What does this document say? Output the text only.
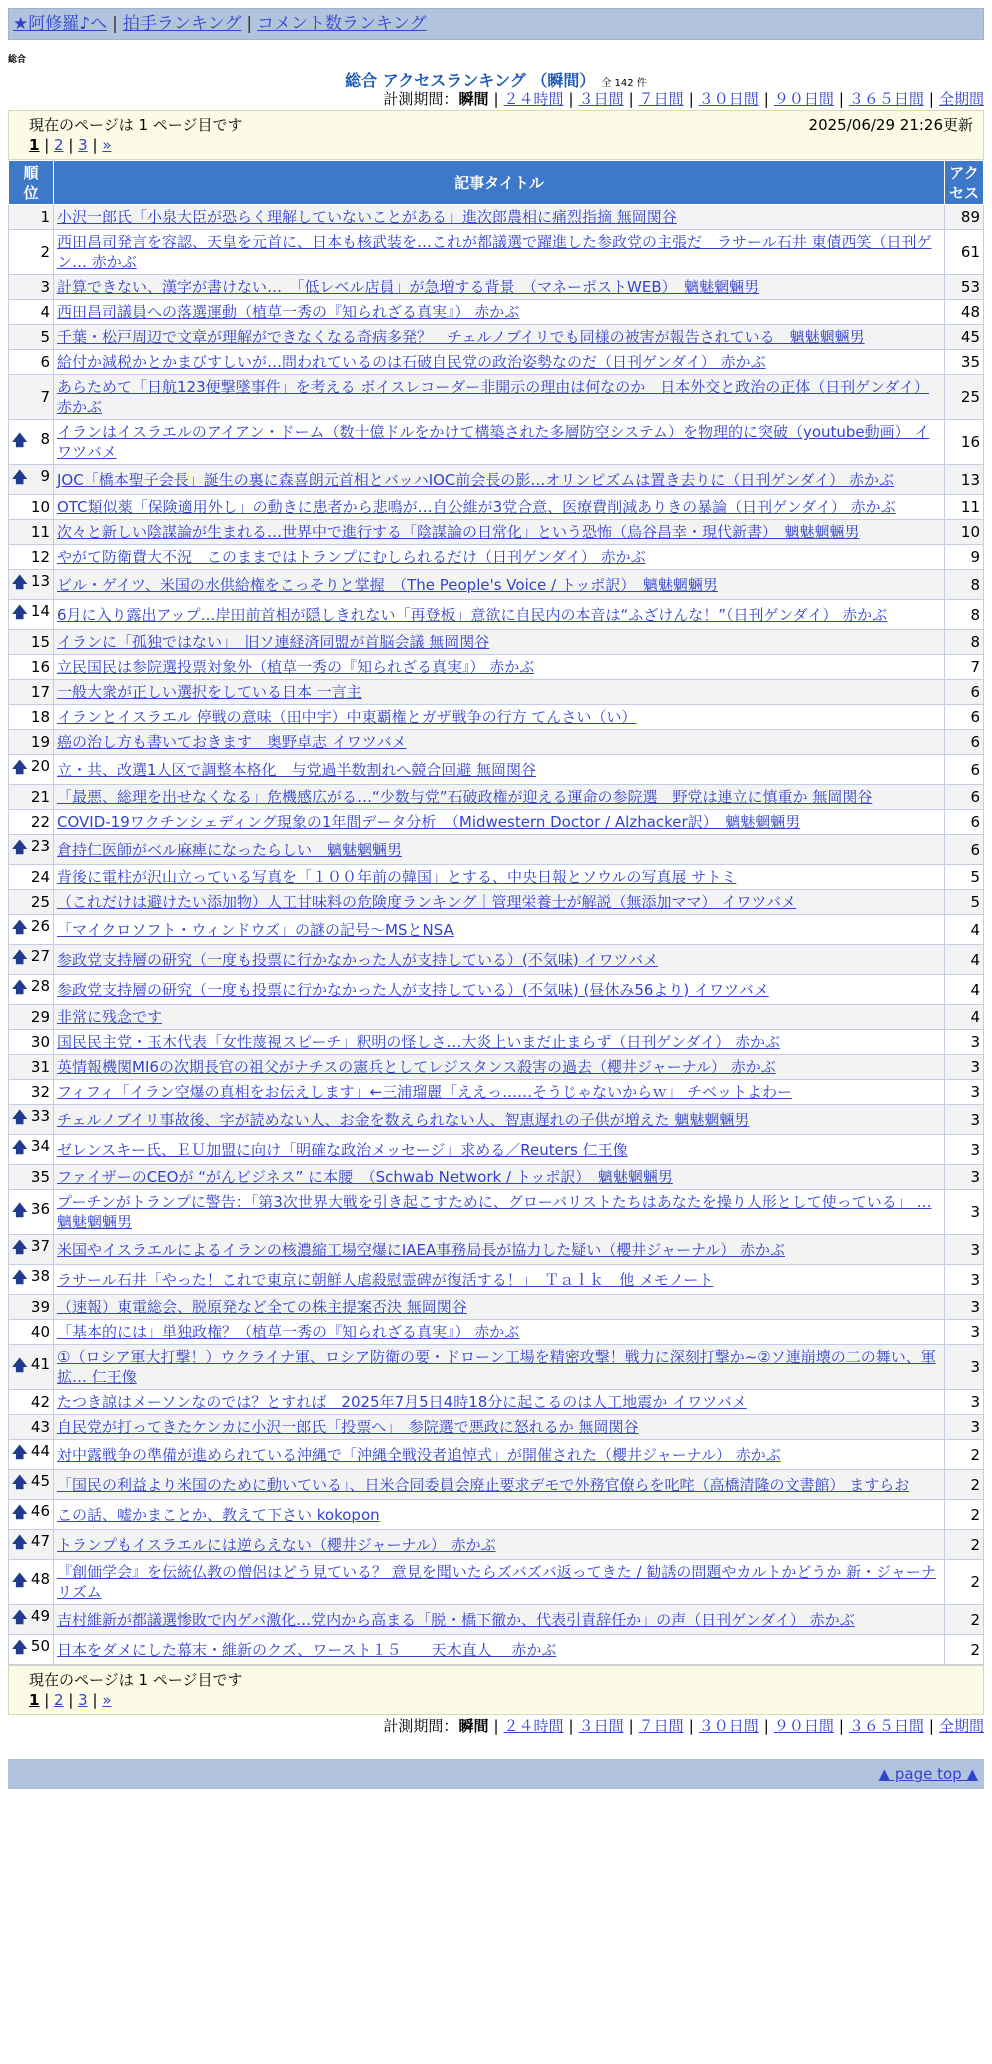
★阿修羅♪へ | 拍手ランキング | コメント数ランキング
総合
総合 アクセスランキング （瞬間） 全 142 件
計測期間：瞬間 | ２４時間 | ３日間 | ７日間 | ３０日間 | ９０日間 | ３６５日間 | 全期間
現在のページは 1 ページ目です	2025/06/29 21:26更新
1 | 2 | 3 | »
順位	記事タイトル	アクセス
1	小沢一郎氏「小泉大臣が恐らく理解していないことがある」進次郎農相に痛烈指摘 無岡関谷	89
2	西田昌司発言を容認、天皇を元首に、日本も核武装を…これが都議選で躍進した参政党の主張だ　ラサール石井 東債西笑（日刊ゲン… 赤かぶ	61
3	計算できない、漢字が書けない…　「低レベル店員」が急増する背景　（マネーポストWEB）　魑魅魍魎男	53
4	西田昌司議員への落選運動（植草一秀の『知られざる真実』） 赤かぶ	48
5	千葉・松戸周辺で文章が理解ができなくなる奇病多発？　チェルノブイリでも同様の被害が報告されている　魑魅魍魎男	45
6	給付か減税かとかまびすしいが…問われているのは石破自民党の政治姿勢なのだ（日刊ゲンダイ） 赤かぶ	35
7	あらためて「日航123便撃墜事件」を考える ボイスレコーダー非開示の理由は何なのか　日本外交と政治の正体（日刊ゲンダイ） 赤かぶ	25

🡅 8	イランはイスラエルのアイアン・ドーム（数十億ドルをかけて構築された多層防空システム）を物理的に突破（youtube動画） イワツバメ	16

🡅 9	JOC「橋本聖子会長」誕生の裏に森喜朗元首相とバッハIOC前会長の影…オリンピズムは置き去りに（日刊ゲンダイ） 赤かぶ	13
10	OTC類似薬「保険適用外し」の動きに患者から悲鳴が…自公維が3党合意、医療費削減ありきの暴論（日刊ゲンダイ） 赤かぶ	11
11	次々と新しい陰謀論が生まれる…世界中で進行する「陰謀論の日常化」という恐怖（烏谷昌幸・現代新書）　魑魅魍魎男	10
12	やがて防衛費大不況　このままではトランプにむしられるだけ（日刊ゲンダイ） 赤かぶ	9

🡅 13	ビル・ゲイツ、米国の水供給権をこっそりと掌握　（The People's Voice / トッポ訳）　魑魅魍魎男	8

🡅 14	6月に入り露出アップ…岸田前首相が隠しきれない「再登板」意欲に自民内の本音は“ふざけんな！”（日刊ゲンダイ） 赤かぶ	8
15	イランに「孤独ではない」　旧ソ連経済同盟が首脳会議 無岡関谷	8
16	立民国民は参院選投票対象外（植草一秀の『知られざる真実』） 赤かぶ	7
17	一般大衆が正しい選択をしている日本 一言主	6
18	イランとイスラエル 停戦の意味（田中宇）中東覇権とガザ戦争の行方 てんさい（い）	6
19	癌の治し方も書いておきます　奥野卓志 イワツバメ	6

🡅 20	立・共、改選1人区で調整本格化　与党過半数割れへ競合回避 無岡関谷	6
21	「最悪、総理を出せなくなる」危機感広がる…“少数与党”石破政権が迎える運命の参院選　野党は連立に慎重か 無岡関谷	6
22	COVID-19ワクチンシェディング現象の1年間データ分析　（Midwestern Doctor / Alzhacker訳）　魑魅魍魎男	6

🡅 23	倉持仁医師がベル麻痺になったらしい　魑魅魍魎男	6
24	背後に電柱が沢山立っている写真を「１００年前の韓国」とする、中央日報とソウルの写真展 サトミ	5
25	（これだけは避けたい添加物）人工甘味料の危険度ランキング｜管理栄養士が解説（無添加ママ） イワツバメ	5

🡅 26	「マイクロソフト・ウィンドウズ」の謎の記号〜MSとNSA	4

🡅 27	参政党支持層の研究（一度も投票に行かなかった人が支持している）(不気味) イワツバメ	4

🡅 28	参政党支持層の研究（一度も投票に行かなかった人が支持している）(不気味) (昼休み56より) イワツバメ	4
29	非常に残念です	4
30	国民民主党・玉木代表「女性蔑視スピーチ」釈明の怪しさ…大炎上いまだ止まらず（日刊ゲンダイ） 赤かぶ	3
31	英情報機関MI6の次期長官の祖父がナチスの憲兵としてレジスタンス殺害の過去（櫻井ジャーナル） 赤かぶ	3
32	フィフィ「イラン空爆の真相をお伝えします」←三浦瑠麗「ええっ……そうじゃないからｗ」 チベットよわー	3

🡅 33	チェルノブイリ事故後、字が読めない人、お金を数えられない人、智恵遅れの子供が増えた 魑魅魍魎男	3

🡅 34	ゼレンスキー氏、ＥＵ加盟に向け「明確な政治メッセージ」求める／Reuters 仁王像	3
35	ファイザーのCEOが “がんビジネス” に本腰　（Schwab Network / トッポ訳）　魑魅魍魎男	3

🡅 36	プーチンがトランプに警告：「第3次世界大戦を引き起こすために、グローバリストたちはあなたを操り人形として使っている」 … 魑魅魍魎男	3

🡅 37	米国やイスラエルによるイランの核濃縮工場空爆にIAEA事務局長が協力した疑い（櫻井ジャーナル） 赤かぶ	3

🡅 38	ラサール石井「やった！これで東京に朝鮮人虐殺慰霊碑が復活する！」　Ｔａｌｋ　他 メモノート	3
39	（速報）東電総会、脱原発など全ての株主提案否決 無岡関谷	3
40	「基本的には」単独政権？（植草一秀の『知られざる真実』） 赤かぶ	3

🡅 41	①（ロシア軍大打撃！）ウクライナ軍、ロシア防衛の要・ドローン工場を精密攻撃！戦力に深刻打撃か~②ソ連崩壊の二の舞い、軍拡… 仁王像	3
42	たつき諒はメーソンなのでは？とすれば　2025年7月5日4時18分に起こるのは人工地震か イワツバメ	3
43	自民党が打ってきたケンカに小沢一郎氏「投票へ」　参院選で悪政に怒れるか 無岡関谷	3

🡅 44	対中露戦争の準備が進められている沖縄で「沖縄全戦没者追悼式」が開催された（櫻井ジャーナル） 赤かぶ	2

🡅 45	「国民の利益より米国のために動いている」、日米合同委員会廃止要求デモで外務官僚らを叱咤（高橋清隆の文書館） ますらお	2

🡅 46	この話、嘘かまことか、教えて下さい kokopon	2

🡅 47	トランプもイスラエルには逆らえない（櫻井ジャーナル） 赤かぶ	2

🡅 48	『創価学会』を伝統仏教の僧侶はどう見ている？ 意見を聞いたらズバズバ返ってきた / 勧誘の問題やカルトかどうか 新・ジャーナリズム	2

🡅 49	吉村維新が都議選惨敗で内ゲバ激化…党内から高まる「脱・橋下徹か、代表引責辞任か」の声（日刊ゲンダイ） 赤かぶ	2

🡅 50	日本をダメにした幕末・維新のクズ、ワースト１５　　天木直人　 赤かぶ	2
現在のページは 1 ページ目です
1 | 2 | 3 | »
計測期間：瞬間 | ２４時間 | ３日間 | ７日間 | ３０日間 | ９０日間 | ３６５日間 | 全期間
▲ page top ▲
